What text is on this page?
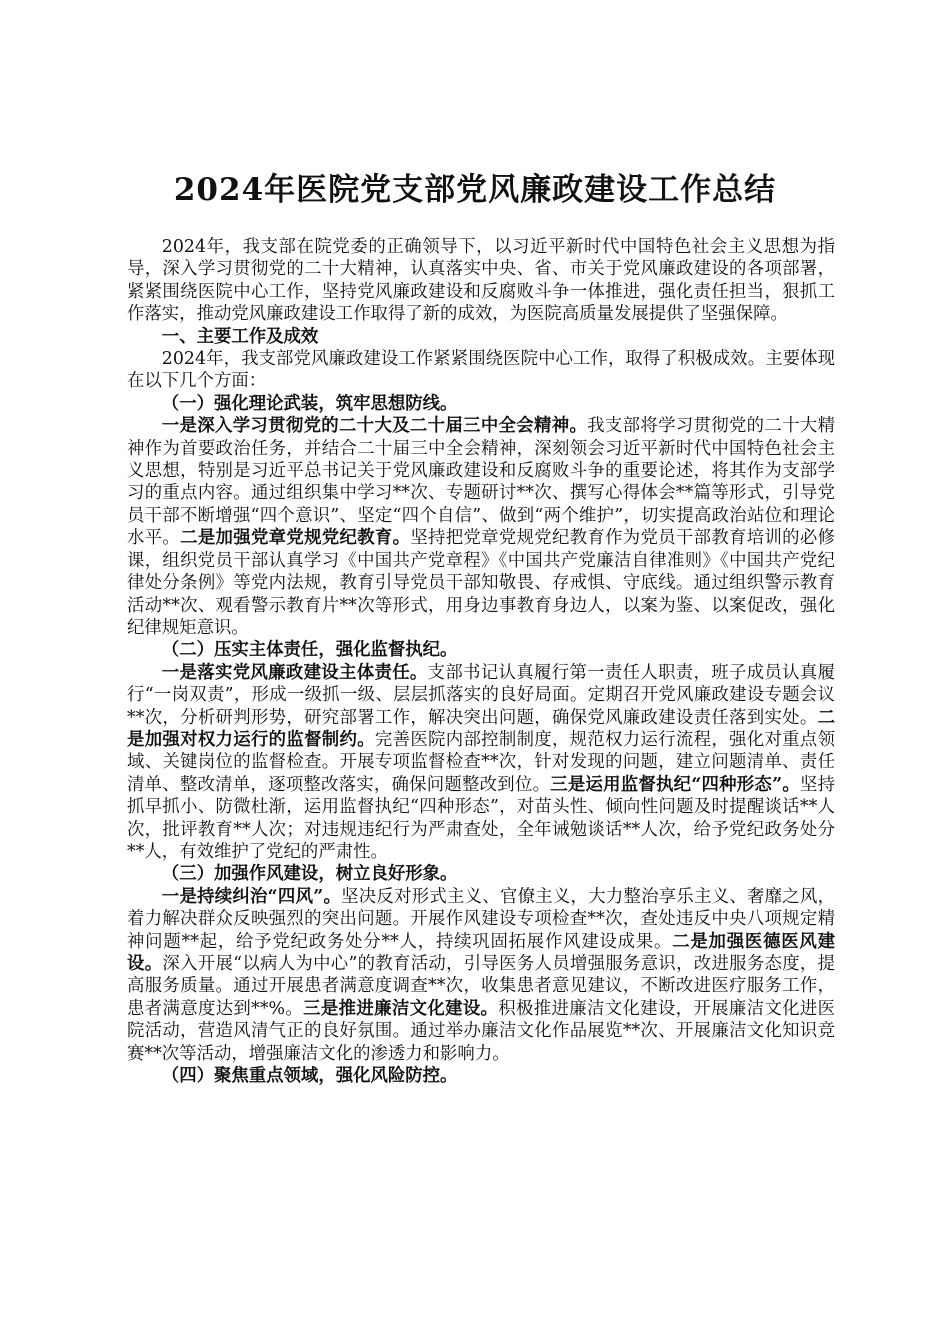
2024年医院党支部党风廉政建设工作总结

2024年，我支部在院党委的正确领导下，以习近平新时代中国特色社会主义思想为指导，深入学习贯彻党的二十大精神，认真落实中央、省、市关于党风廉政建设的各项部署，紧紧围绕医院中心工作，坚持党风廉政建设和反腐败斗争一体推进，强化责任担当，狠抓工作落实，推动党风廉政建设工作取得了新的成效，为医院高质量发展提供了坚强保障。

一、主要工作及成效

2024年，我支部党风廉政建设工作紧紧围绕医院中心工作，取得了积极成效。主要体现在以下几个方面：

（一）强化理论武装，筑牢思想防线。

一是深入学习贯彻党的二十大及二十届三中全会精神。我支部将学习贯彻党的二十大精神作为首要政治任务，并结合二十届三中全会精神，深刻领会习近平新时代中国特色社会主义思想，特别是习近平总书记关于党风廉政建设和反腐败斗争的重要论述，将其作为支部学习的重点内容。通过组织集中学习**次、专题研讨**次、撰写心得体会**篇等形式，引导党员干部不断增强“四个意识”、坚定“四个自信”、做到“两个维护”，切实提高政治站位和理论水平。二是加强党章党规党纪教育。坚持把党章党规党纪教育作为党员干部教育培训的必修课，组织党员干部认真学习《中国共产党章程》《中国共产党廉洁自律准则》《中国共产党纪律处分条例》等党内法规，教育引导党员干部知敬畏、存戒惧、守底线。通过组织警示教育活动**次、观看警示教育片**次等形式，用身边事教育身边人，以案为鉴、以案促改，强化纪律规矩意识。

（二）压实主体责任，强化监督执纪。

一是落实党风廉政建设主体责任。支部书记认真履行第一责任人职责，班子成员认真履行“一岗双责”，形成一级抓一级、层层抓落实的良好局面。定期召开党风廉政建设专题会议**次，分析研判形势，研究部署工作，解决突出问题，确保党风廉政建设责任落到实处。二是加强对权力运行的监督制约。完善医院内部控制制度，规范权力运行流程，强化对重点领域、关键岗位的监督检查。开展专项监督检查**次，针对发现的问题，建立问题清单、责任清单、整改清单，逐项整改落实，确保问题整改到位。三是运用监督执纪“四种形态”。坚持抓早抓小、防微杜渐，运用监督执纪“四种形态”，对苗头性、倾向性问题及时提醒谈话**人次，批评教育**人次；对违规违纪行为严肃查处，全年诫勉谈话**人次，给予党纪政务处分**人，有效维护了党纪的严肃性。

（三）加强作风建设，树立良好形象。

一是持续纠治“四风”。坚决反对形式主义、官僚主义，大力整治享乐主义、奢靡之风，着力解决群众反映强烈的突出问题。开展作风建设专项检查**次，查处违反中央八项规定精神问题**起，给予党纪政务处分**人，持续巩固拓展作风建设成果。二是加强医德医风建设。深入开展“以病人为中心”的教育活动，引导医务人员增强服务意识，改进服务态度，提高服务质量。通过开展患者满意度调查**次，收集患者意见建议，不断改进医疗服务工作，患者满意度达到**%。三是推进廉洁文化建设。积极推进廉洁文化建设，开展廉洁文化进医院活动，营造风清气正的良好氛围。通过举办廉洁文化作品展览**次、开展廉洁文化知识竞赛**次等活动，增强廉洁文化的渗透力和影响力。

（四）聚焦重点领域，强化风险防控。
